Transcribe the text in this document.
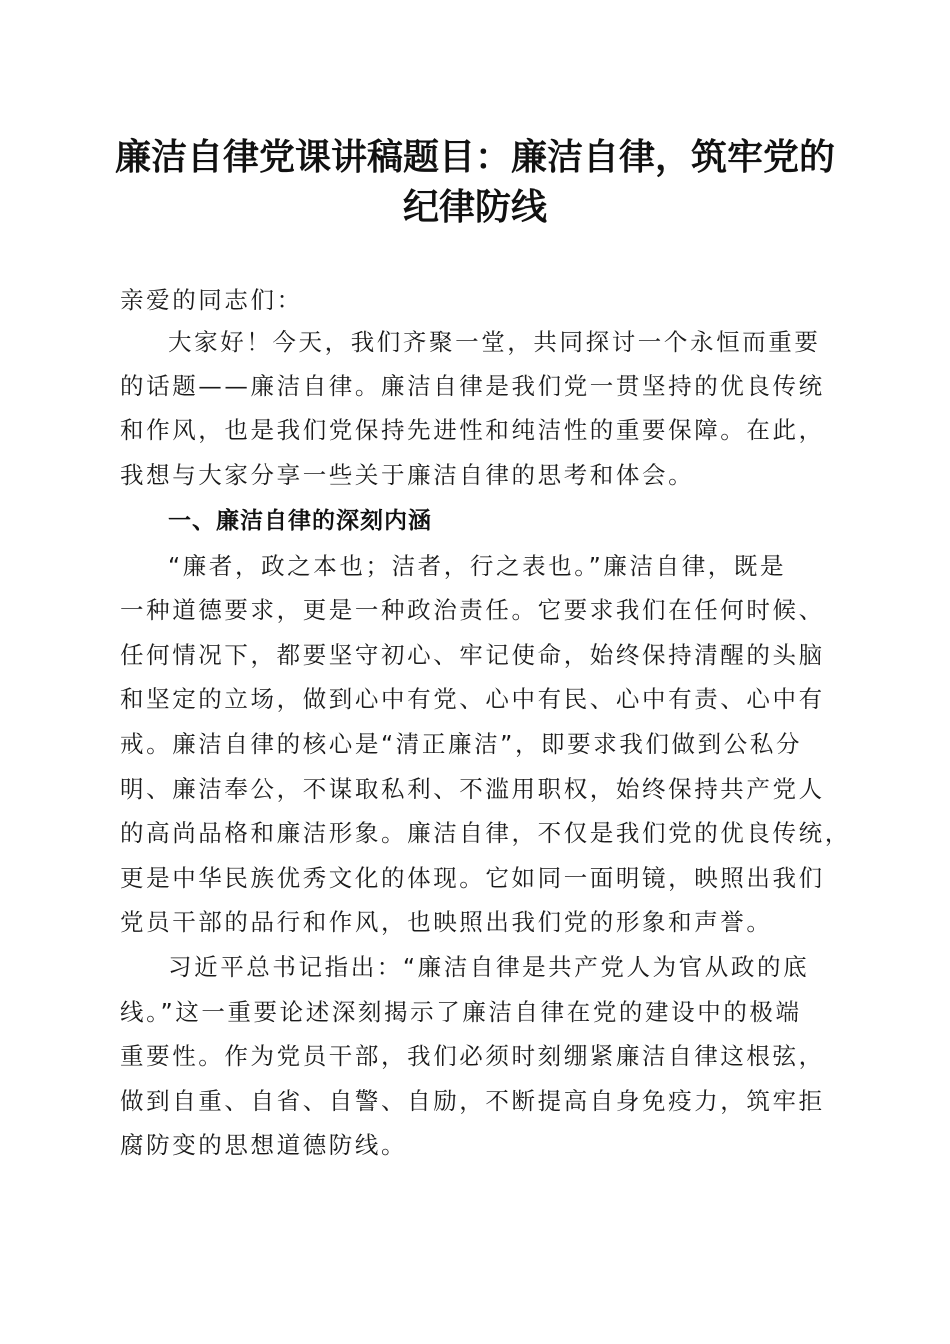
廉洁自律党课讲稿题目：廉洁自律，筑牢党的
纪律防线
亲爱的同志们：
大家好！今天，我们齐聚一堂，共同探讨一个永恒而重要
的话题——廉洁自律。廉洁自律是我们党一贯坚持的优良传统
和作风，也是我们党保持先进性和纯洁性的重要保障。在此，
我想与大家分享一些关于廉洁自律的思考和体会。
一、廉洁自律的深刻内涵
“廉者，政之本也；洁者，行之表也。”廉洁自律，既是
一种道德要求，更是一种政治责任。它要求我们在任何时候、
任何情况下，都要坚守初心、牢记使命，始终保持清醒的头脑
和坚定的立场，做到心中有党、心中有民、心中有责、心中有
戒。廉洁自律的核心是“清正廉洁”，即要求我们做到公私分
明、廉洁奉公，不谋取私利、不滥用职权，始终保持共产党人
的高尚品格和廉洁形象。廉洁自律，不仅是我们党的优良传统，
更是中华民族优秀文化的体现。它如同一面明镜，映照出我们
党员干部的品行和作风，也映照出我们党的形象和声誉。
习近平总书记指出：“廉洁自律是共产党人为官从政的底
线。”这一重要论述深刻揭示了廉洁自律在党的建设中的极端
重要性。作为党员干部，我们必须时刻绷紧廉洁自律这根弦，
做到自重、自省、自警、自励，不断提高自身免疫力，筑牢拒
腐防变的思想道德防线。
